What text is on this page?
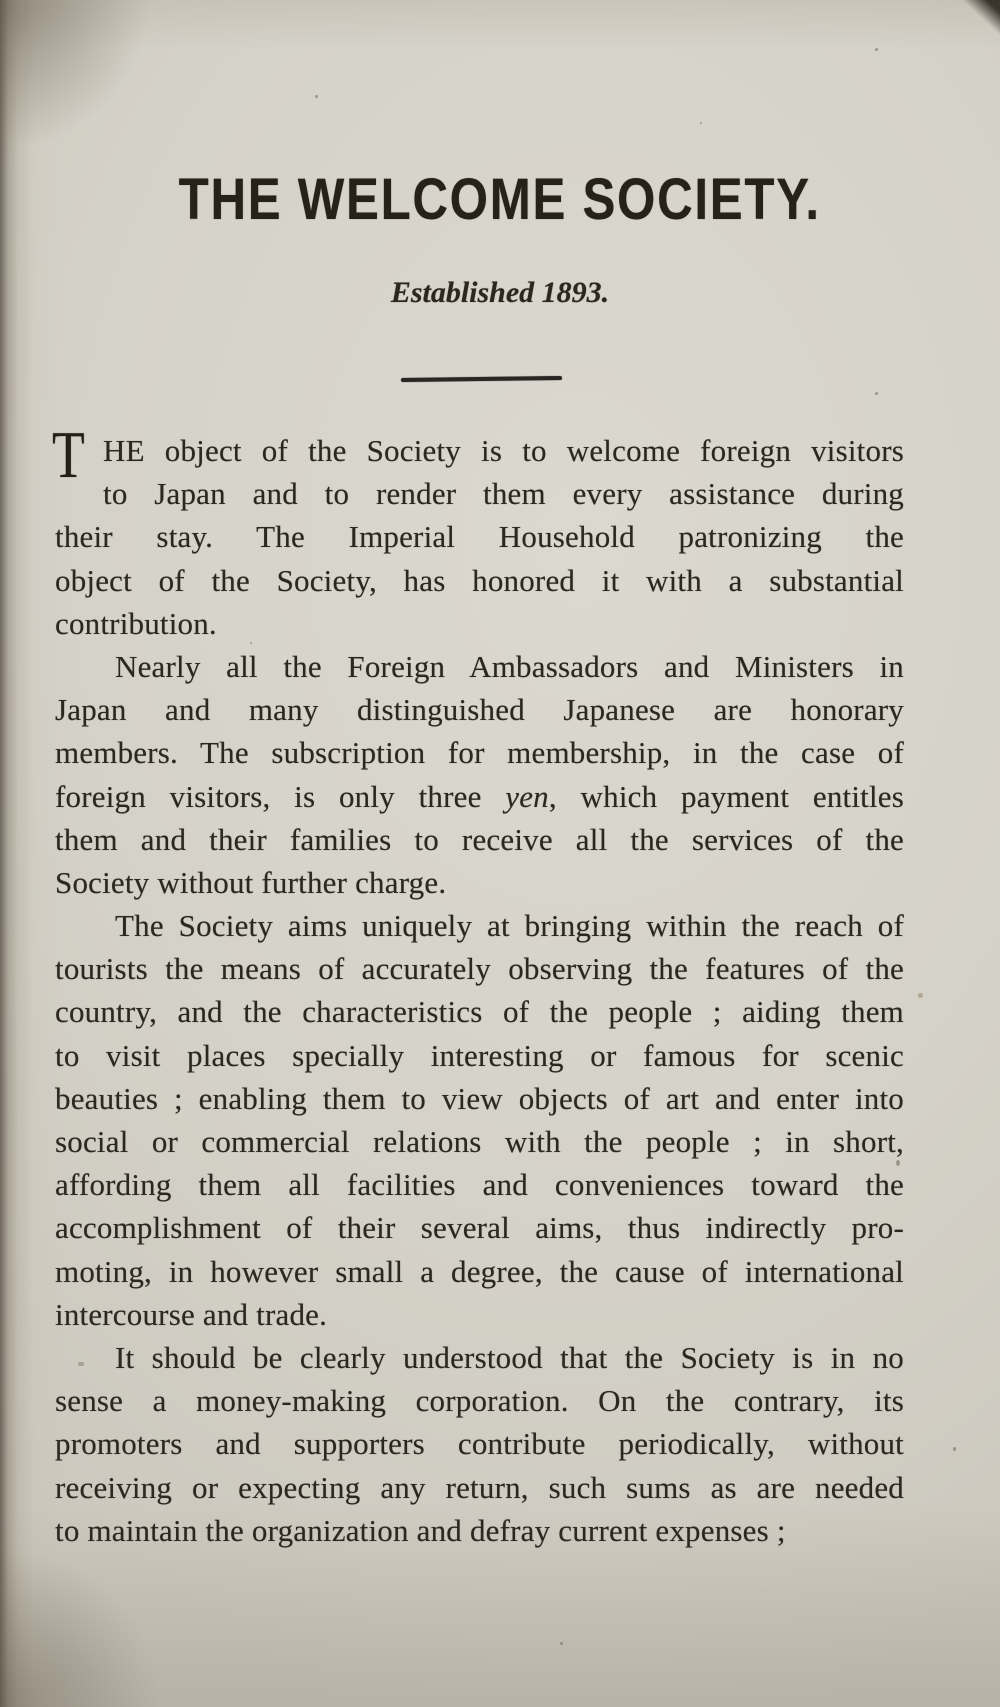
THE WELCOME SOCIETY.
Established 1893.
T HE object of the Society is to welcome foreign visitors
to Japan and to render them every assistance during
their stay. The Imperial Household patronizing the
object of the Society, has honored it with a substantial
contribution.
Nearly all the Foreign Ambassadors and Ministers in
Japan and many distinguished Japanese are honorary
members. The subscription for membership, in the case of
foreign visitors, is only three yen, which payment entitles
them and their families to receive all the services of the
Society without further charge.
The Society aims uniquely at bringing within the reach of
tourists the means of accurately observing the features of the
country, and the characteristics of the people ; aiding them
to visit places specially interesting or famous for scenic
beauties ; enabling them to view objects of art and enter into
social or commercial relations with the people ; in short,
affording them all facilities and conveniences toward the
accomplishment of their several aims, thus indirectly pro-
moting, in however small a degree, the cause of international
intercourse and trade.
It should be clearly understood that the Society is in no
sense a money-making corporation. On the contrary, its
promoters and supporters contribute periodically, without
receiving or expecting any return, such sums as are needed
to maintain the organization and defray current expenses ;
